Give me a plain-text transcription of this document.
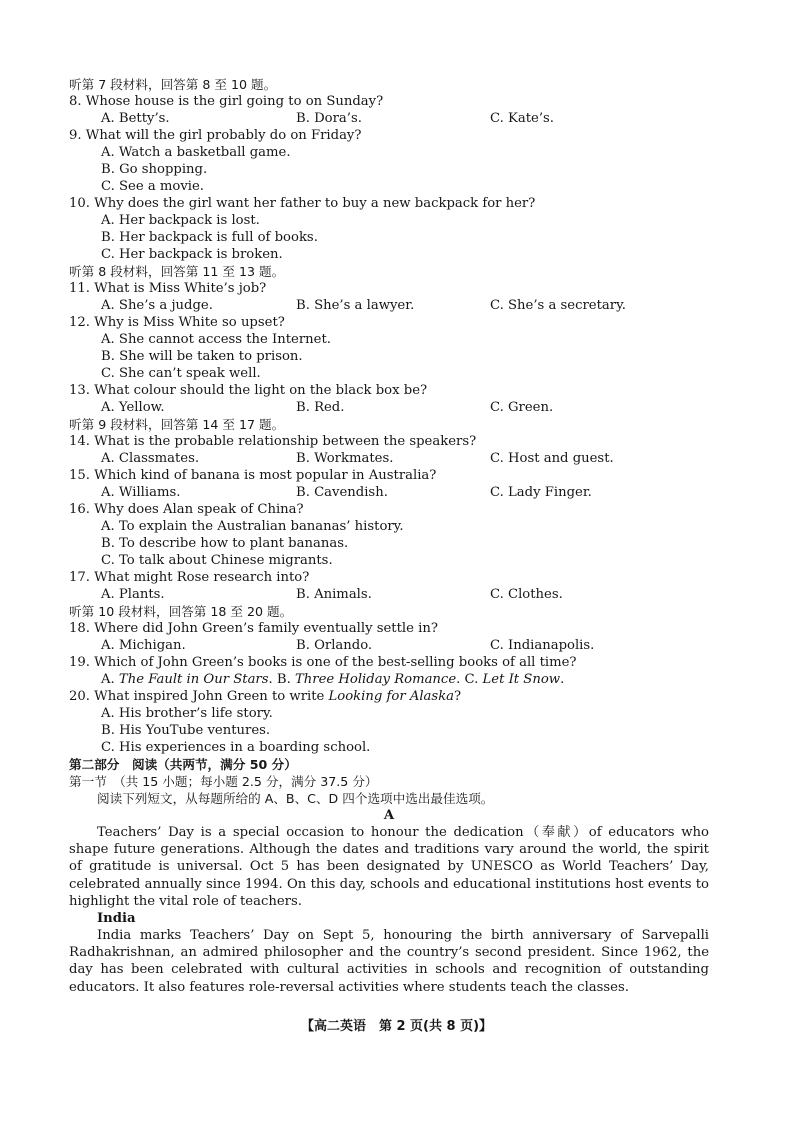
听第 7 段材料，回答第 8 至 10 题。
8. Whose house is the girl going to on Sunday?
A. Betty’s.	B. Dora’s.	C. Kate’s.
9. What will the girl probably do on Friday?
A. Watch a basketball game.
B. Go shopping.
C. See a movie.
10. Why does the girl want her father to buy a new backpack for her?
A. Her backpack is lost.
B. Her backpack is full of books.
C. Her backpack is broken.
听第 8 段材料，回答第 11 至 13 题。
11. What is Miss White’s job?
A. She’s a judge.	B. She’s a lawyer.	C. She’s a secretary.
12. Why is Miss White so upset?
A. She cannot access the Internet.
B. She will be taken to prison.
C. She can’t speak well.
13. What colour should the light on the black box be?
A. Yellow.	B. Red.	C. Green.
听第 9 段材料，回答第 14 至 17 题。
14. What is the probable relationship between the speakers?
A. Classmates.	B. Workmates.	C. Host and guest.
15. Which kind of banana is most popular in Australia?
A. Williams.	B. Cavendish.	C. Lady Finger.
16. Why does Alan speak of China?
A. To explain the Australian bananas’ history.
B. To describe how to plant bananas.
C. To talk about Chinese migrants.
17. What might Rose research into?
A. Plants.	B. Animals.	C. Clothes.
听第 10 段材料，回答第 18 至 20 题。
18. Where did John Green’s family eventually settle in?
A. Michigan.	B. Orlando.	C. Indianapolis.
19. Which of John Green’s books is one of the best-selling books of all time?
A. The Fault in Our Stars. B. Three Holiday Romance. C. Let It Snow.
20. What inspired John Green to write Looking for Alaska?
A. His brother’s life story.
B. His YouTube ventures.
C. His experiences in a boarding school.
第二部分　阅读（共两节，满分 50 分）
第一节　（共 15 小题；每小题 2.5 分，满分 37.5 分）
阅读下列短文，从每题所给的 A、B、C、D 四个选项中选出最佳选项。
A

Teachers’ Day is a special occasion to honour the dedication（奉献）of educators who shape future generations. Although the dates and traditions vary around the world, the spirit of gratitude is universal. Oct 5 has been designated by UNESCO as World Teachers’ Day, celebrated annually since 1994. On this day, schools and educational institutions host events to highlight the vital role of teachers.

India

India marks Teachers’ Day on Sept 5, honouring the birth anniversary of Sarvepalli Radhakrishnan, an admired philosopher and the country’s second president. Since 1962, the day has been celebrated with cultural activities in schools and recognition of outstanding educators. It also features role-reversal activities where students teach the classes.

【高二英语　第 2 页(共 8 页)】
